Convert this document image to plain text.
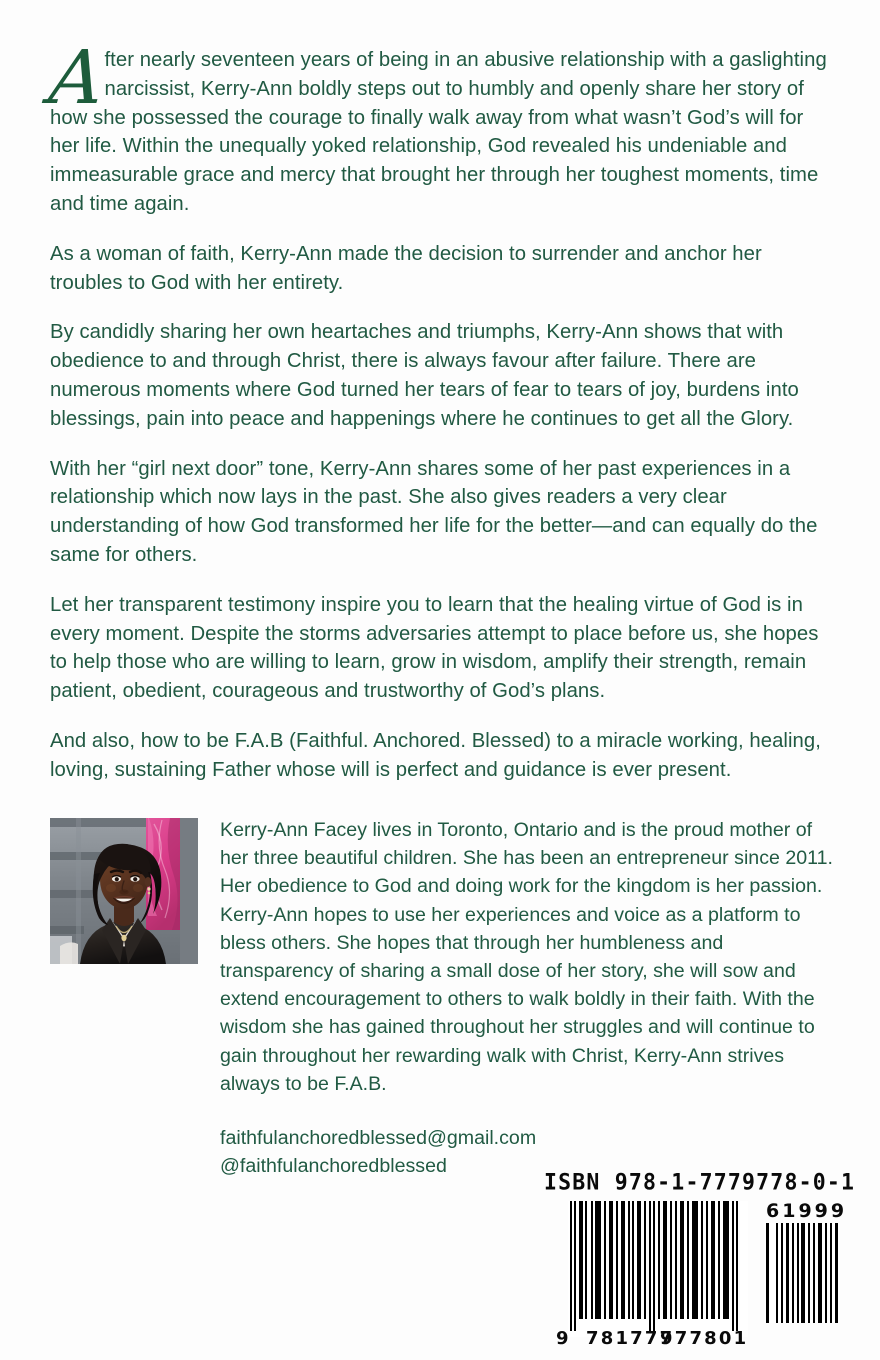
A
fter nearly seventeen years of being in an abusive relationship with a gaslighting narcissist, Kerry-Ann boldly steps out to humbly and openly share her story of how she possessed the courage to finally walk away from what wasn’t God’s will for her life. Within the unequally yoked relationship, God revealed his undeniable and immeasurable grace and mercy that brought her through her toughest moments, time and time again.

As a woman of faith, Kerry-Ann made the decision to surrender and anchor her troubles to God with her entirety.

By candidly sharing her own heartaches and triumphs, Kerry-Ann shows that with obedience to and through Christ, there is always favour after failure. There are numerous moments where God turned her tears of fear to tears of joy, burdens into blessings, pain into peace and happenings where he continues to get all the Glory.

With her “girl next door” tone, Kerry-Ann shares some of her past experiences in a relationship which now lays in the past. She also gives readers a very clear understanding of how God transformed her life for the better—and can equally do the same for others.

Let her transparent testimony inspire you to learn that the healing virtue of God is in every moment. Despite the storms adversaries attempt to place before us, she hopes to help those who are willing to learn, grow in wisdom, amplify their strength, remain patient, obedient, courageous and trustworthy of God’s plans.

And also, how to be F.A.B (Faithful. Anchored. Blessed) to a miracle working, healing, loving, sustaining Father whose will is perfect and guidance is ever present.

Kerry-Ann Facey lives in Toronto, Ontario and is the proud mother of her three beautiful children. She has been an entrepreneur since 2011. Her obedience to God and doing work for the kingdom is her passion. Kerry-Ann hopes to use her experiences and voice as a platform to bless others. She hopes that through her humbleness and transparency of sharing a small dose of her story, she will sow and extend encouragement to others to walk boldly in their faith. With the wisdom she has gained throughout her struggles and will continue to gain throughout her rewarding walk with Christ, Kerry-Ann strives always to be F.A.B.

faithfulanchoredblessed@gmail.com
@faithfulanchoredblessed

ISBN 978-1-7779778-0-1
9 781777
977801
61999
